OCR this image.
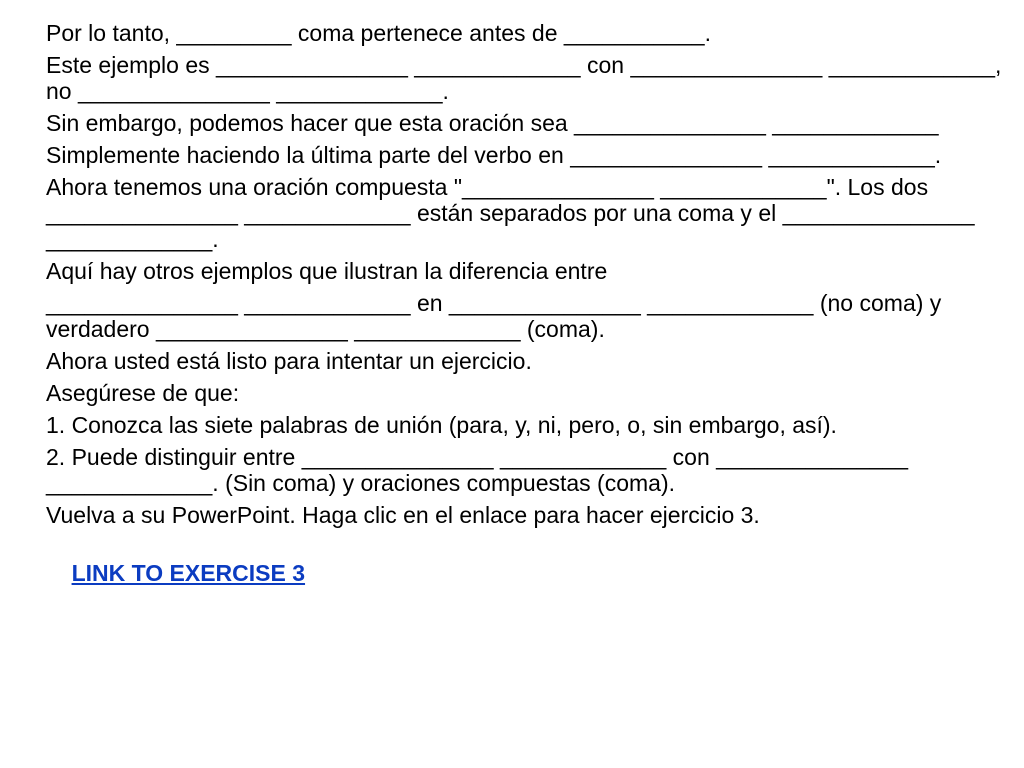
Por lo tanto, _________ coma pertenece antes de ___________.
Este ejemplo es _______________ _____________ con _______________ _____________, no _______________ _____________.
Sin embargo, podemos hacer que esta oración sea _______________ _____________
Simplemente haciendo la última parte del verbo en _______________ _____________.
Ahora tenemos una oración compuesta "_______________ _____________". Los dos _______________ _____________ están separados por una coma y el _______________ _____________.
Aquí hay otros ejemplos que ilustran la diferencia entre
_______________ _____________ en _______________ _____________ (no coma) y verdadero _______________ _____________ (coma).
Ahora usted está listo para intentar un ejercicio.
Asegúrese de que:
1. Conozca las siete palabras de unión (para, y, ni, pero, o, sin embargo, así).
2. Puede distinguir entre _______________ _____________ con _______________ _____________. (Sin coma) y oraciones compuestas (coma).
Vuelva a su PowerPoint. Haga clic en el enlace para hacer ejercicio 3.

LINK TO EXERCISE 3
